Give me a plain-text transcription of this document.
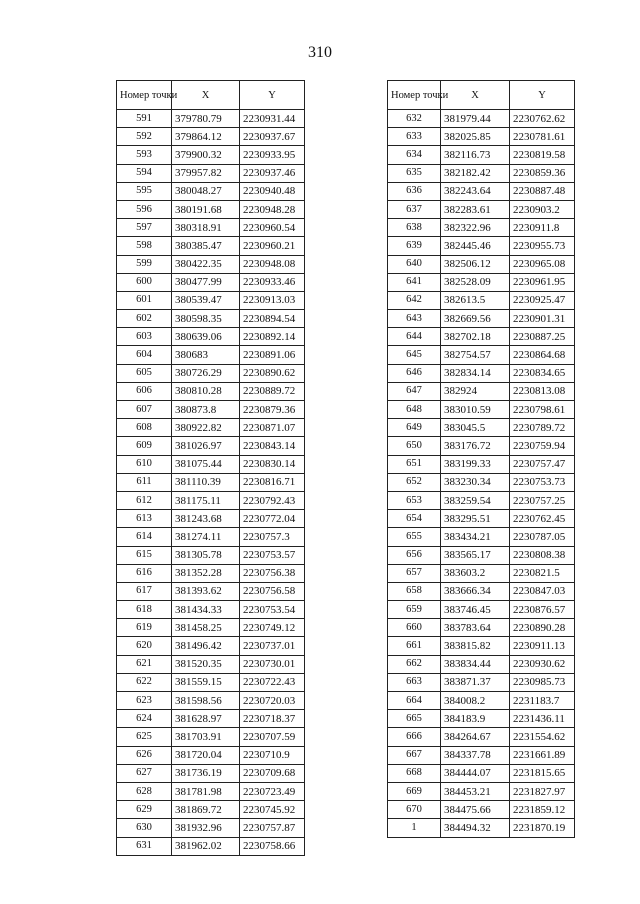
310
Номер точки	X	Y
591	379780.79	2230931.44
592	379864.12	2230937.67
593	379900.32	2230933.95
594	379957.82	2230937.46
595	380048.27	2230940.48
596	380191.68	2230948.28
597	380318.91	2230960.54
598	380385.47	2230960.21
599	380422.35	2230948.08
600	380477.99	2230933.46
601	380539.47	2230913.03
602	380598.35	2230894.54
603	380639.06	2230892.14
604	380683	2230891.06
605	380726.29	2230890.62
606	380810.28	2230889.72
607	380873.8	2230879.36
608	380922.82	2230871.07
609	381026.97	2230843.14
610	381075.44	2230830.14
611	381110.39	2230816.71
612	381175.11	2230792.43
613	381243.68	2230772.04
614	381274.11	2230757.3
615	381305.78	2230753.57
616	381352.28	2230756.38
617	381393.62	2230756.58
618	381434.33	2230753.54
619	381458.25	2230749.12
620	381496.42	2230737.01
621	381520.35	2230730.01
622	381559.15	2230722.43
623	381598.56	2230720.03
624	381628.97	2230718.37
625	381703.91	2230707.59
626	381720.04	2230710.9
627	381736.19	2230709.68
628	381781.98	2230723.49
629	381869.72	2230745.92
630	381932.96	2230757.87
631	381962.02	2230758.66
Номер точки	X	Y
632	381979.44	2230762.62
633	382025.85	2230781.61
634	382116.73	2230819.58
635	382182.42	2230859.36
636	382243.64	2230887.48
637	382283.61	2230903.2
638	382322.96	2230911.8
639	382445.46	2230955.73
640	382506.12	2230965.08
641	382528.09	2230961.95
642	382613.5	2230925.47
643	382669.56	2230901.31
644	382702.18	2230887.25
645	382754.57	2230864.68
646	382834.14	2230834.65
647	382924	2230813.08
648	383010.59	2230798.61
649	383045.5	2230789.72
650	383176.72	2230759.94
651	383199.33	2230757.47
652	383230.34	2230753.73
653	383259.54	2230757.25
654	383295.51	2230762.45
655	383434.21	2230787.05
656	383565.17	2230808.38
657	383603.2	2230821.5
658	383666.34	2230847.03
659	383746.45	2230876.57
660	383783.64	2230890.28
661	383815.82	2230911.13
662	383834.44	2230930.62
663	383871.37	2230985.73
664	384008.2	2231183.7
665	384183.9	2231436.11
666	384264.67	2231554.62
667	384337.78	2231661.89
668	384444.07	2231815.65
669	384453.21	2231827.97
670	384475.66	2231859.12
1	384494.32	2231870.19
